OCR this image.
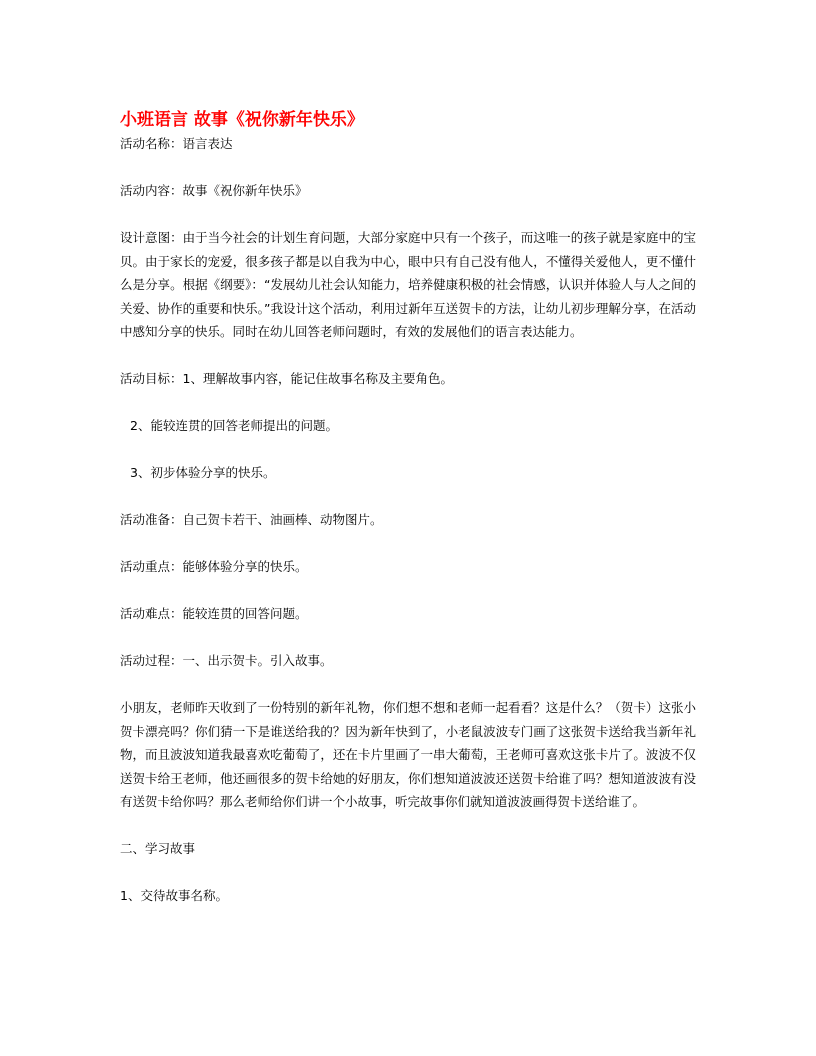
小班语言 故事《祝你新年快乐》

活动名称：语言表达

活动内容：故事《祝你新年快乐》

设计意图：由于当今社会的计划生育问题，大部分家庭中只有一个孩子，而这唯一的孩子就是家庭中的宝贝。由于家长的宠爱，很多孩子都是以自我为中心，眼中只有自己没有他人，不懂得关爱他人，更不懂什么是分享。根据《纲要》：“发展幼儿社会认知能力，培养健康积极的社会情感，认识并体验人与人之间的关爱、协作的重要和快乐。”我设计这个活动，利用过新年互送贺卡的方法，让幼儿初步理解分享，在活动中感知分享的快乐。同时在幼儿回答老师问题时，有效的发展他们的语言表达能力。

活动目标：1、理解故事内容，能记住故事名称及主要角色。

2、能较连贯的回答老师提出的问题。

3、初步体验分享的快乐。

活动准备：自己贺卡若干、油画棒、动物图片。

活动重点：能够体验分享的快乐。

活动难点：能较连贯的回答问题。

活动过程：一、出示贺卡。引入故事。

小朋友，老师昨天收到了一份特别的新年礼物，你们想不想和老师一起看看？这是什么？（贺卡）这张小贺卡漂亮吗？你们猜一下是谁送给我的？因为新年快到了，小老鼠波波专门画了这张贺卡送给我当新年礼物，而且波波知道我最喜欢吃葡萄了，还在卡片里画了一串大葡萄，王老师可喜欢这张卡片了。波波不仅送贺卡给王老师，他还画很多的贺卡给她的好朋友，你们想知道波波还送贺卡给谁了吗？想知道波波有没有送贺卡给你吗？那么老师给你们讲一个小故事，听完故事你们就知道波波画得贺卡送给谁了。

二、学习故事

1、交待故事名称。
